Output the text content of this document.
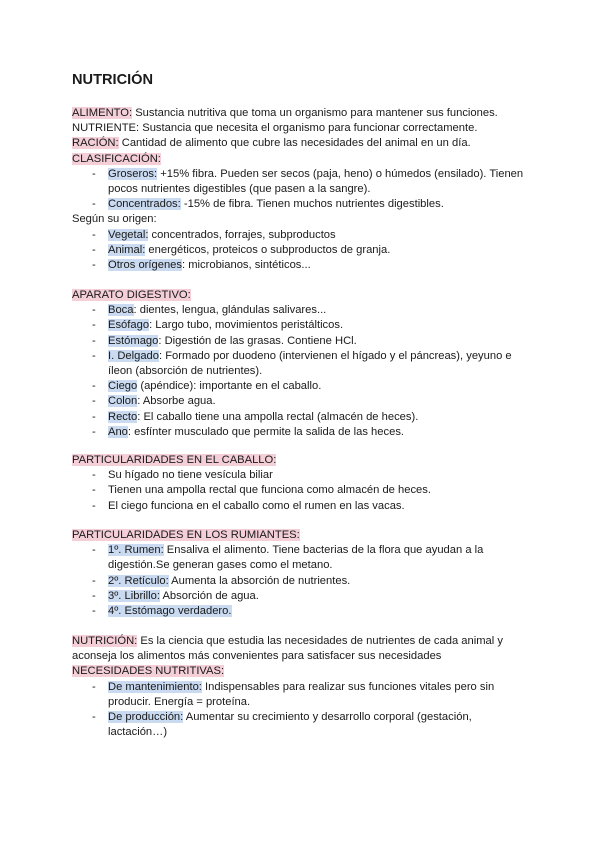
NUTRICIÓN
ALIMENTO: Sustancia nutritiva que toma un organismo para mantener sus funciones.
NUTRIENTE: Sustancia que necesita el organismo para funcionar correctamente.
RACIÓN: Cantidad de alimento que cubre las necesidades del animal en un día.
CLASIFICACIÓN:
- Groseros: +15% fibra. Pueden ser secos (paja, heno) o húmedos (ensilado). Tienen
pocos nutrientes digestibles (que pasen a la sangre).
- Concentrados: -15% de fibra. Tienen muchos nutrientes digestibles.
Según su origen:
- Vegetal: concentrados, forrajes, subproductos
- Animal: energéticos, proteicos o subproductos de granja.
- Otros orígenes: microbianos, sintéticos...
APARATO DIGESTIVO:
- Boca: dientes, lengua, glándulas salivares...
- Esófago: Largo tubo, movimientos peristálticos.
- Estómago: Digestión de las grasas. Contiene HCl.
- I. Delgado: Formado por duodeno (intervienen el hígado y el páncreas), yeyuno e
íleon (absorción de nutrientes).
- Ciego (apéndice): importante en el caballo.
- Colon: Absorbe agua.
- Recto: El caballo tiene una ampolla rectal (almacén de heces).
- Ano: esfínter musculado que permite la salida de las heces.
PARTICULARIDADES EN EL CABALLO:
- Su hígado no tiene vesícula biliar
- Tienen una ampolla rectal que funciona como almacén de heces.
- El ciego funciona en el caballo como el rumen en las vacas.
PARTICULARIDADES EN LOS RUMIANTES:
- 1º. Rumen: Ensaliva el alimento. Tiene bacterias de la flora que ayudan a la
digestión.Se generan gases como el metano.
- 2º. Retículo: Aumenta la absorción de nutrientes.
- 3º. Librillo: Absorción de agua.
- 4º. Estómago verdadero.
NUTRICIÓN: Es la ciencia que estudia las necesidades de nutrientes de cada animal y
aconseja los alimentos más convenientes para satisfacer sus necesidades
NECESIDADES NUTRITIVAS:
- De mantenimiento: Indispensables para realizar sus funciones vitales pero sin
producir. Energía = proteína.
- De producción: Aumentar su crecimiento y desarrollo corporal (gestación,
lactación…)
